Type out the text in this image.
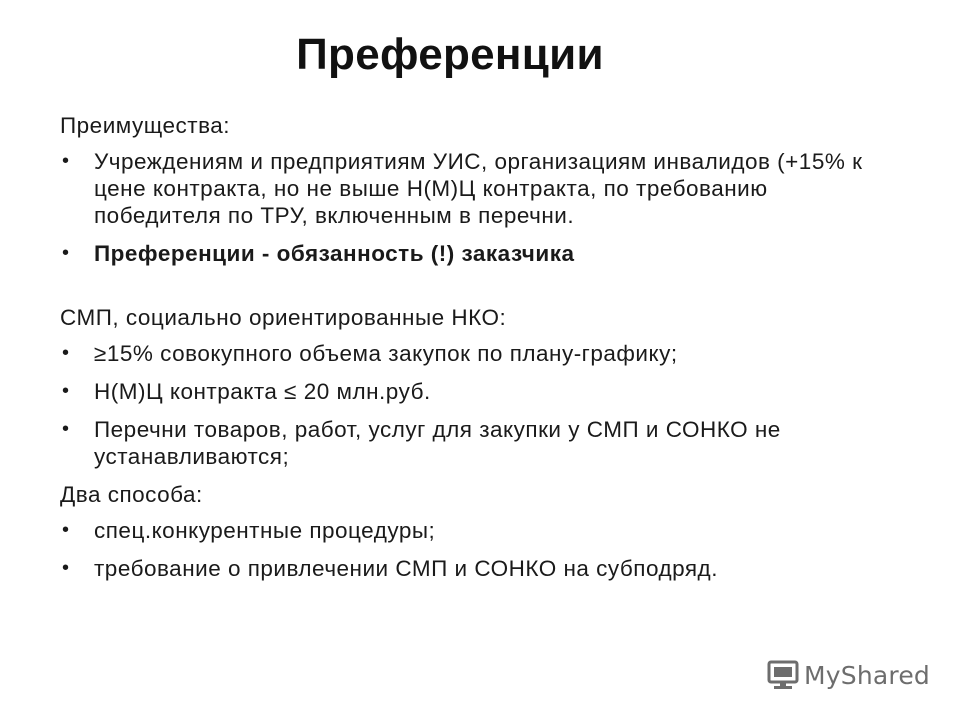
Преференции
Преимущества:
• Учреждениям и предприятиям УИС, организациям инвалидов (+15% к цене контракта, но не выше Н(М)Ц контракта, по требованию победителя по ТРУ, включенным в перечни.
• Преференции - обязанность (!) заказчика
СМП, социально ориентированные НКО:
• ≥15% совокупного объема закупок по плану-графику;
• Н(М)Ц контракта ≤ 20 млн.руб.
• Перечни товаров, работ, услуг для закупки у СМП и СОНКО не устанавливаются;
Два способа:
• спец.конкурентные процедуры;
• требование о привлечении СМП и СОНКО на субподряд.
MyShared
